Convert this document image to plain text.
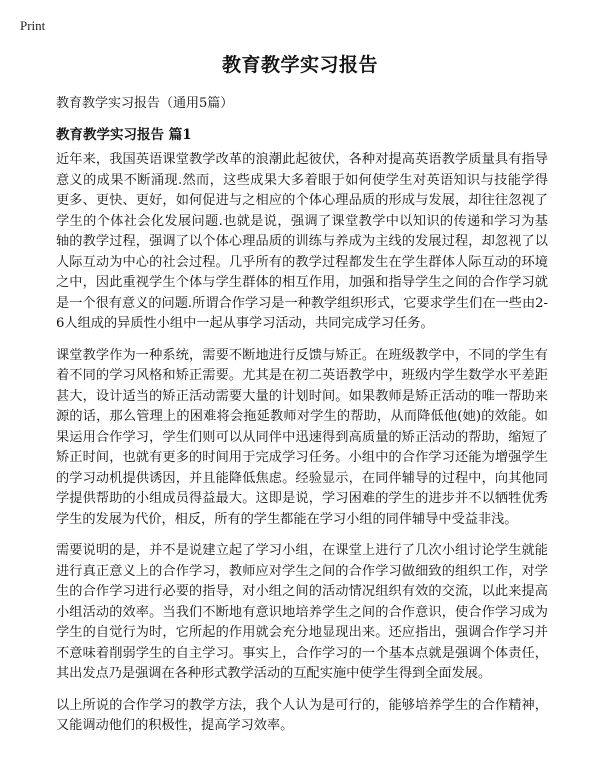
Print
教育教学实习报告

教育教学实习报告（通用5篇）

教育教学实习报告 篇1

近年来，我国英语课堂教学改革的浪潮此起彼伏，各种对提高英语教学质量具有指导意义的成果不断涌现.然而，这些成果大多着眼于如何使学生对英语知识与技能学得更多、更快、更好，如何促进与之相应的个体心理品质的形成与发展，却往往忽视了学生的个体社会化发展问题.也就是说，强调了课堂教学中以知识的传递和学习为基轴的教学过程，强调了以个体心理品质的训练与养成为主线的发展过程，却忽视了以人际互动为中心的社会过程。几乎所有的教学过程都发生在学生群体人际互动的环境之中，因此重视学生个体与学生群体的相互作用，加强和指导学生之间的合作学习就是一个很有意义的问题.所谓合作学习是一种教学组织形式，它要求学生们在一些由2-6人组成的异质性小组中一起从事学习活动，共同完成学习任务。

课堂教学作为一种系统，需要不断地进行反馈与矫正。在班级教学中，不同的学生有着不同的学习风格和矫正需要。尤其是在初二英语教学中，班级内学生数学水平差距甚大，设计适当的矫正活动需要大量的计划时间。如果教师是矫正活动的唯一帮助来源的话，那么管理上的困难将会拖延教师对学生的帮助，从而降低他(她)的效能。如果运用合作学习，学生们则可以从同伴中迅速得到高质量的矫正活动的帮助，缩短了矫正时间，也就有更多的时间用于完成学习任务。小组中的合作学习还能为增强学生的学习动机提供诱因，并且能降低焦虑。经验显示，在同伴辅导的过程中，向其他同学提供帮助的小组成员得益最大。这即是说，学习困难的学生的进步并不以牺牲优秀学生的发展为代价，相反，所有的学生都能在学习小组的同伴辅导中受益非浅。

需要说明的是，并不是说建立起了学习小组，在课堂上进行了几次小组讨论学生就能进行真正意义上的合作学习，教师应对学生之间的合作学习做细致的组织工作，对学生的合作学习进行必要的指导，对小组之间的活动情况组织有效的交流，以此来提高小组活动的效率。当我们不断地有意识地培养学生之间的合作意识，使合作学习成为学生的自觉行为时，它所起的作用就会充分地显现出来。还应指出，强调合作学习并不意味着削弱学生的自主学习。事实上，合作学习的一个基本点就是强调个体责任，其出发点乃是强调在各种形式教学活动的互配实施中使学生得到全面发展。

以上所说的合作学习的教学方法，我个人认为是可行的，能够培养学生的合作精神，又能调动他们的积极性，提高学习效率。
